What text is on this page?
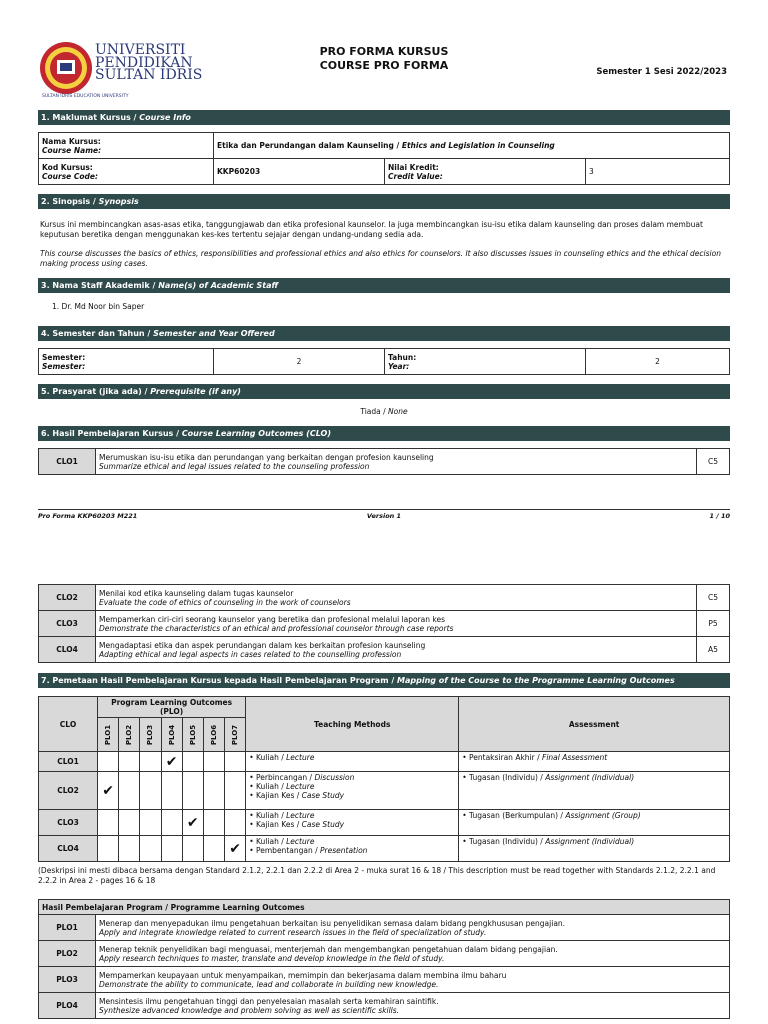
UNIVERSITI
PENDIDIKAN
SULTAN IDRIS
SULTAN IDRIS EDUCATION UNIVERSITY
PRO FORMA KURSUS
COURSE PRO FORMA	Semester 1 Sesi 2022/2023
1. Maklumat Kursus / Course Info
Nama Kursus:
Course Name:	Etika dan Perundangan dalam Kaunseling / Ethics and Legislation in Counseling		

Kod Kursus:
Course Code:	KKP60203	Nilai Kredit:
Credit Value:	3
2. Sinopsis / Synopsis
Kursus ini membincangkan asas-asas etika, tanggungjawab dan etika profesional kaunselor. Ia juga membincangkan isu-isu etika dalam kaunseling dan proses dalam membuat keputusan beretika dengan menggunakan kes-kes tertentu sejajar dengan undang-undang sedia ada.
This course discusses the basics of ethics, responsibilities and professional ethics and also ethics for counselors. It also discusses issues in counseling ethics and the ethical decision making process using cases.
3. Nama Staff Akademik / Name(s) of Academic Staff
1. Dr. Md Noor bin Saper
4. Semester dan Tahun / Semester and Year Offered
Semester:
Semester:	2	Tahun:
Year:	2
5. Prasyarat (jika ada) / Prerequisite (if any)
Tiada / None
6. Hasil Pembelajaran Kursus / Course Learning Outcomes (CLO)
CLO1	Merumuskan isu-isu etika dan perundangan yang berkaitan dengan profesion kaunseling
Summarize ethical and legal issues related to the counseling profession	C5
Pro Forma KKP60203 M221	Version 1	1 / 10
CLO2	Menilai kod etika kaunseling dalam tugas kaunselor
Evaluate the code of ethics of counseling in the work of counselors	C5
CLO3	Mempamerkan ciri-ciri seorang kaunselor yang beretika dan profesional melalui laporan kes
Demonstrate the characteristics of an ethical and professional counselor through case reports	P5
CLO4	Mengadaptasi etika dan aspek perundangan dalam kes berkaitan profesion kaunseling
Adapting ethical and legal aspects in cases related to the counselling profession	A5
7. Pemetaan Hasil Pembelajaran Kursus kepada Hasil Pembelajaran Program / Mapping of the Course to the Programme Learning Outcomes
CLO	Program Learning Outcomes (PLO)							Teaching Methods	Assessment

	PLO1	PLO2	PLO3	PLO4	PLO5	PLO6	PLO7		

CLO1				✔				• Kuliah / Lecture	• Pentaksiran Akhir / Final Assessment
CLO2	✔							• Perbincangan / Discussion
• Kuliah / Lecture
• Kajian Kes / Case Study	• Tugasan (Individu) / Assignment (Individual)
CLO3					✔			• Kuliah / Lecture
• Kajian Kes / Case Study	• Tugasan (Berkumpulan) / Assignment (Group)
CLO4							✔	• Kuliah / Lecture
• Pembentangan / Presentation	• Tugasan (Individu) / Assignment (Individual)
(Deskripsi ini mesti dibaca bersama dengan Standard 2.1.2, 2.2.1 dan 2.2.2 di Area 2 - muka surat 16 & 18 / This description must be read together with Standards 2.1.2, 2.2.1 and 2.2.2 in Area 2 - pages 16 & 18
Hasil Pembelajaran Program / Programme Learning Outcomes	
PLO1	Menerap dan menyepadukan ilmu pengetahuan berkaitan isu penyelidikan semasa dalam bidang pengkhususan pengajian.
Apply and integrate knowledge related to current research issues in the field of specialization of study.
PLO2	Menerap teknik penyelidikan bagi menguasai, menterjemah dan mengembangkan pengetahuan dalam bidang pengajian.
Apply research techniques to master, translate and develop knowledge in the field of study.
PLO3	Mempamerkan keupayaan untuk menyampaikan, memimpin dan bekerjasama dalam membina ilmu baharu
Demonstrate the ability to communicate, lead and collaborate in building new knowledge.
PLO4	Mensintesis ilmu pengetahuan tinggi dan penyelesaian masalah serta kemahiran saintifik.
Synthesize advanced knowledge and problem solving as well as scientific skills.
